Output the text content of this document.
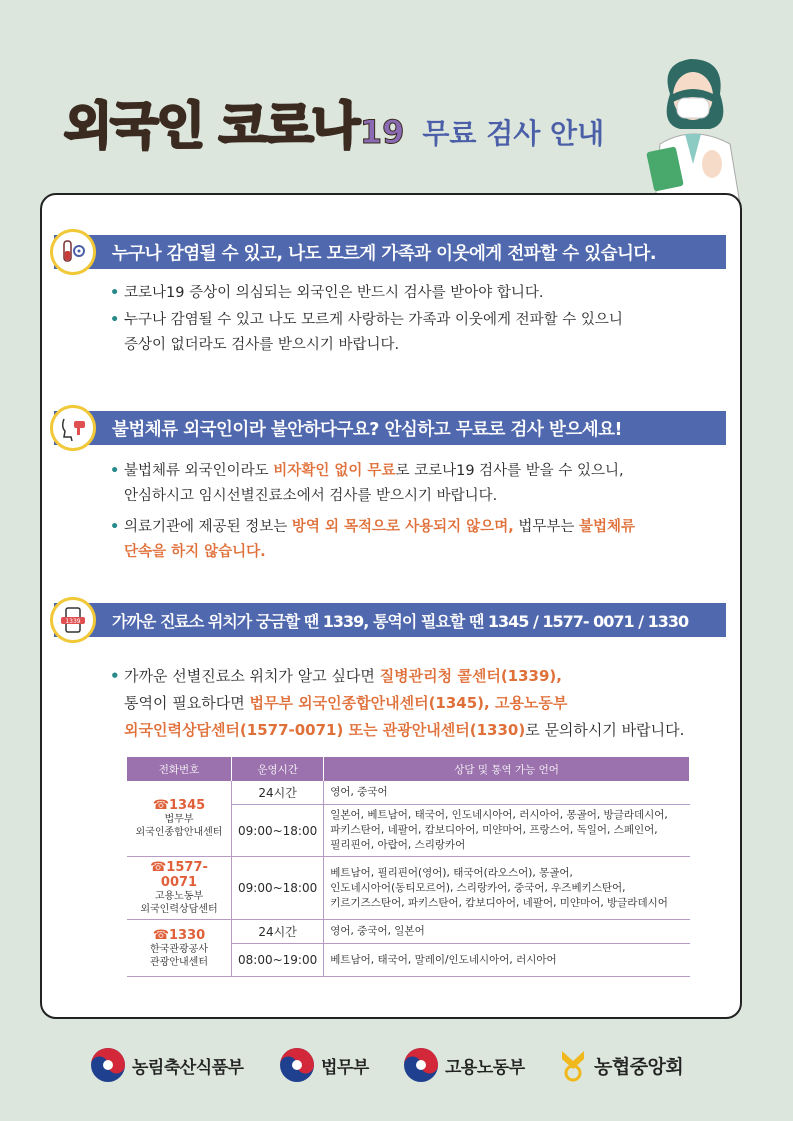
외국인 코로나 19 무료 검사 안내
누구나 감염될 수 있고, 나도 모르게 가족과 이웃에게 전파할 수 있습니다.
• 코로나19 증상이 의심되는 외국인은 반드시 검사를 받아야 합니다.
• 누구나 감염될 수 있고 나도 모르게 사랑하는 가족과 이웃에게 전파할 수 있으니
증상이 없더라도 검사를 받으시기 바랍니다.
불법체류 외국인이라 불안하다구요? 안심하고 무료로 검사 받으세요!
• 불법체류 외국인이라도 비자확인 없이 무료로 코로나19 검사를 받을 수 있으니,
안심하시고 임시선별진료소에서 검사를 받으시기 바랍니다.
• 의료기관에 제공된 정보는 방역 외 목적으로 사용되지 않으며, 법무부는 불법체류
단속을 하지 않습니다.
1339	가까운 진료소 위치가 궁금할 땐 1339, 통역이 필요할 땐 1345 / 1577- 0071 / 1330
• 가까운 선별진료소 위치가 알고 싶다면 질병관리청 콜센터(1339),
통역이 필요하다면 법무부 외국인종합안내센터(1345), 고용노동부
외국인력상담센터(1577-0071) 또는 관광안내센터(1330)로 문의하시기 바랍니다.
전화번호	운영시간	상담 및 통역 가능 언어

☎1345
법무부
외국인종합안내센터	24시간	영어, 중국어
	09:00~18:00	일본어, 베트남어, 태국어, 인도네시아어, 러시아어, 몽골어, 방글라데시어,
파키스탄어, 네팔어, 캄보디아어, 미얀마어, 프랑스어, 독일어, 스페인어,
필리핀어, 아랍어, 스리랑카어

☎1577-0071
고용노동부
외국인력상담센터	09:00~18:00	베트남어, 필리핀어(영어), 태국어(라오스어), 몽골어,
인도네시아어(동티모르어), 스리랑카어, 중국어, 우즈베키스탄어,
키르기즈스탄어, 파키스탄어, 캄보디아어, 네팔어, 미얀마어, 방글라데시어

☎1330
한국관광공사
관광안내센터	24시간	영어, 중국어, 일본어
	08:00~19:00	베트남어, 태국어, 말레이/인도네시아어, 러시아어
농림축산식품부	법무부	고용노동부	농협중앙회
